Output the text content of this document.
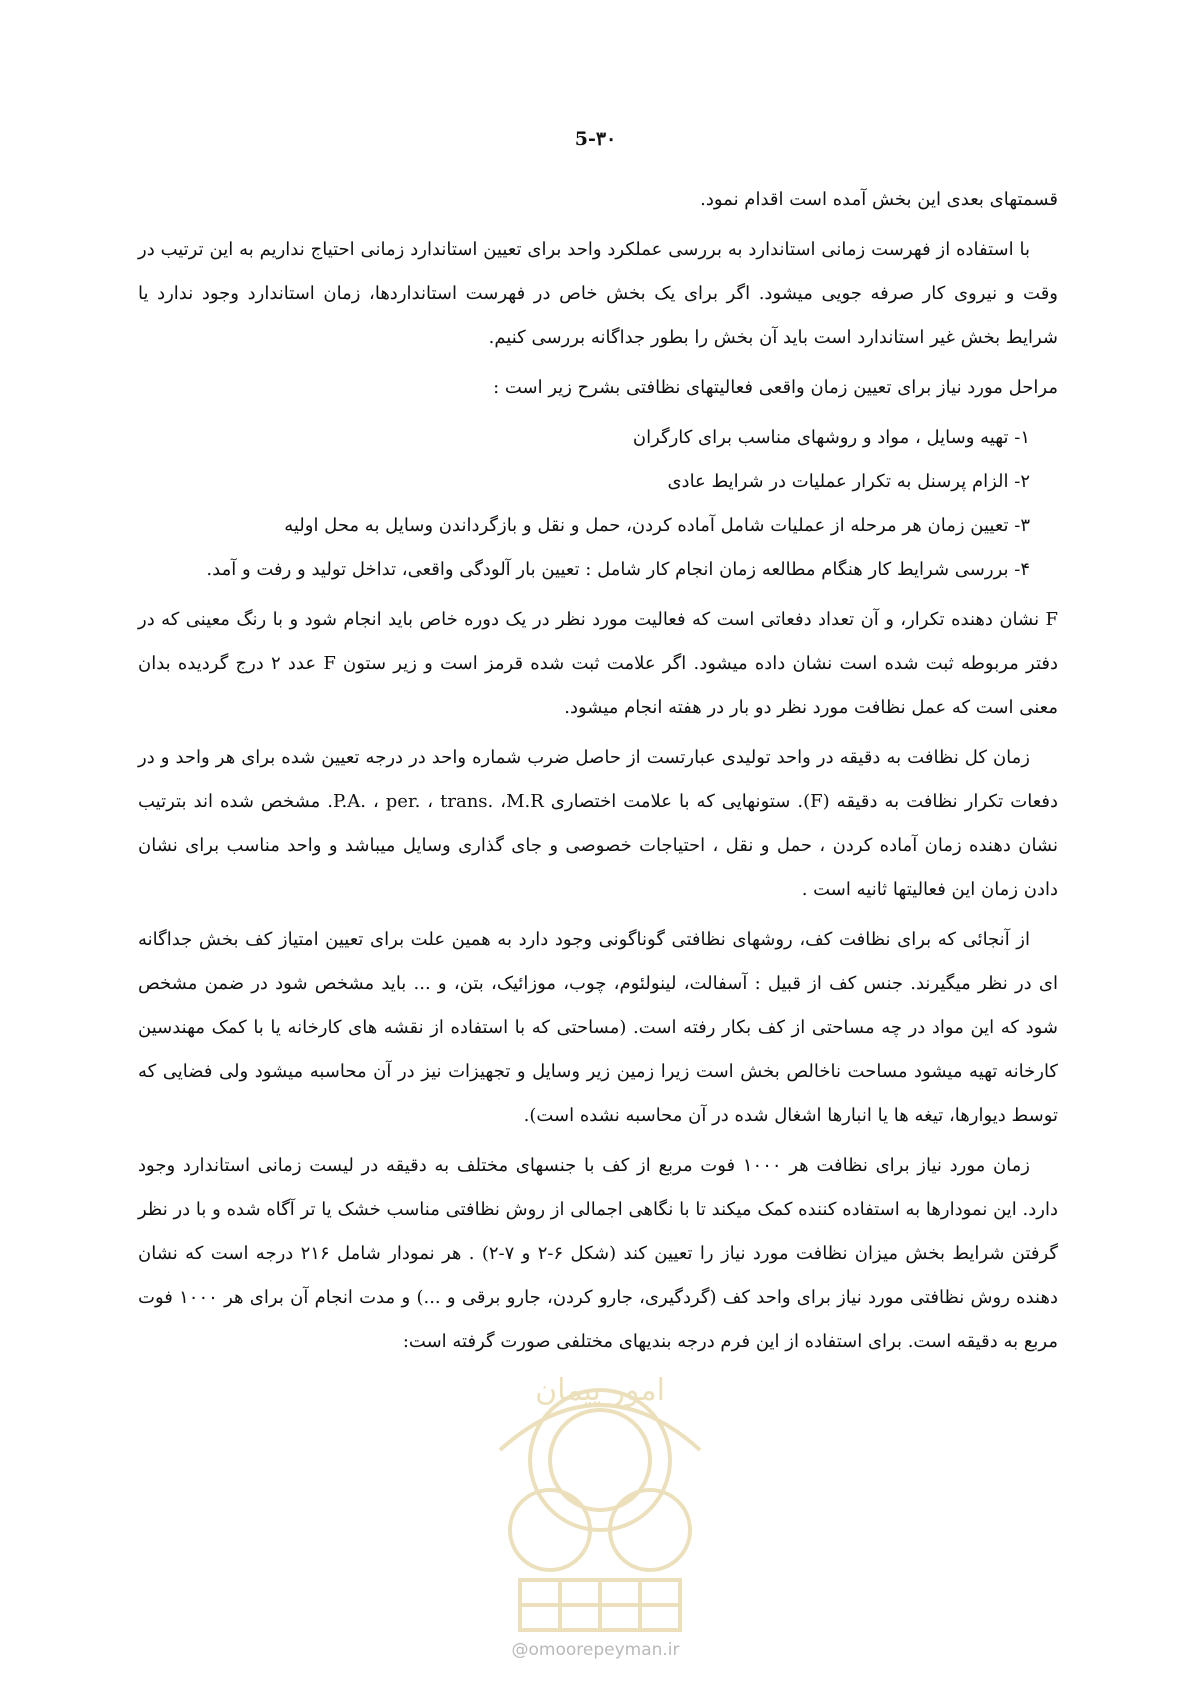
5-۳۰

قسمتهای بعدی این بخش آمده است اقدام نمود.

با استفاده از فهرست زمانی استاندارد به بررسی عملکرد واحد برای تعیین استاندارد زمانی احتیاج نداریم به این ترتیب در وقت و نیروی کار صرفه جویی میشود. اگر برای یک بخش خاص در فهرست استانداردها، زمان استاندارد وجود ندارد یا شرایط بخش غیر استاندارد است باید آن بخش را بطور جداگانه بررسی کنیم.

مراحل مورد نیاز برای تعیین زمان واقعی فعالیتهای نظافتی بشرح زیر است :

۱- تهیه وسایل ، مواد و روشهای مناسب برای کارگران

۲- الزام پرسنل به تکرار عملیات در شرایط عادی

۳- تعیین زمان هر مرحله از عملیات شامل آماده کردن، حمل و نقل و بازگرداندن وسایل به محل اولیه

۴- بررسی شرایط کار هنگام مطالعه زمان انجام کار شامل : تعیین بار آلودگی واقعی، تداخل تولید و رفت و آمد.

F نشان دهنده تکرار، و آن تعداد دفعاتی است که فعالیت مورد نظر در یک دوره خاص باید انجام شود و با رنگ معینی که در دفتر مربوطه ثبت شده است نشان داده میشود. اگر علامت ثبت شده قرمز است و زیر ستون F عدد ۲ درج گردیده بدان معنی است که عمل نظافت مورد نظر دو بار در هفته انجام میشود.

زمان کل نظافت به دقیقه در واحد تولیدی عبارتست از حاصل ضرب شماره واحد در درجه تعیین شده برای هر واحد و در دفعات تکرار نظافت به دقیقه (F). ستونهایی که با علامت اختصاری P.A. ، per. ، trans. ،M.R. مشخص شده اند بترتیب نشان دهنده زمان آماده کردن ، حمل و نقل ، احتیاجات خصوصی و جای گذاری وسایل میباشد و واحد مناسب برای نشان دادن زمان این فعالیتها ثانیه است .

از آنجائی که برای نظافت کف، روشهای نظافتی گوناگونی وجود دارد به همین علت برای تعیین امتیاز کف بخش جداگانه ای در نظر میگیرند. جنس کف از قبیل : آسفالت، لینولئوم، چوب، موزائیک، بتن، و ... باید مشخص شود در ضمن مشخص شود که این مواد در چه مساحتی از کف بکار رفته است. (مساحتی که با استفاده از نقشه های کارخانه یا با کمک مهندسین کارخانه تهیه میشود مساحت ناخالص بخش است زیرا زمین زیر وسایل و تجهیزات نیز در آن محاسبه میشود ولی فضایی که توسط دیوارها، تیغه ها یا انبارها اشغال شده در آن محاسبه نشده است).

زمان مورد نیاز برای نظافت هر ۱۰۰۰ فوت مربع از کف با جنسهای مختلف به دقیقه در لیست زمانی استاندارد وجود دارد. این نمودارها به استفاده کننده کمک میکند تا با نگاهی اجمالی از روش نظافتی مناسب خشک یا تر آگاه شده و با در نظر گرفتن شرایط بخش میزان نظافت مورد نیاز را تعیین کند (شکل ۶-۲ و ۷-۲) . هر نمودار شامل ۲۱۶ درجه است که نشان دهنده روش نظافتی مورد نیاز برای واحد کف (گردگیری، جارو کردن، جارو برقی و ...) و مدت انجام آن برای هر ۱۰۰۰ فوت مربع به دقیقه است. برای استفاده از این فرم درجه بندیهای مختلفی صورت گرفته است:

امور پیمان
@omoorepeyman.ir
